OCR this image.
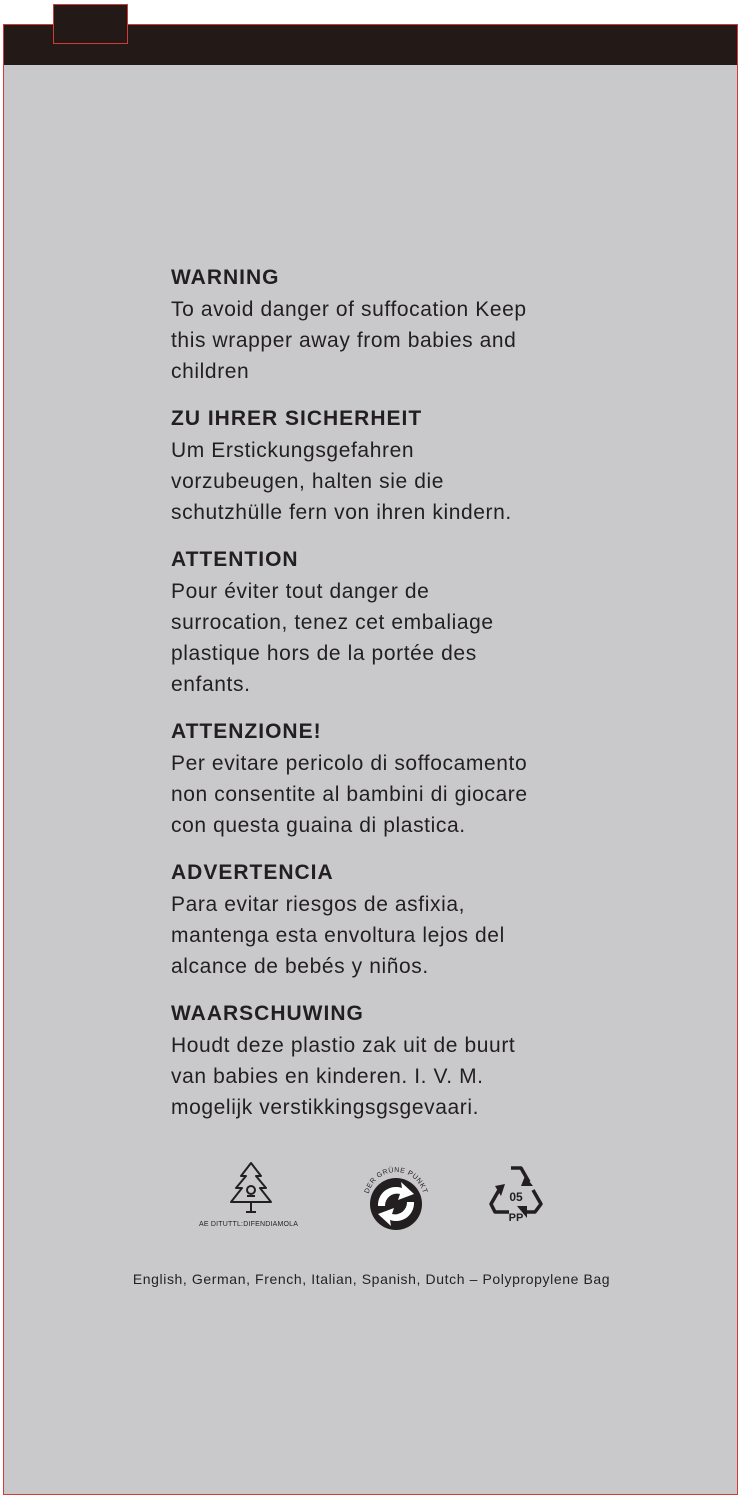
WARNING
To avoid danger of suffocation Keep
this wrapper away from babies and
children
ZU IHRER SICHERHEIT
Um Erstickungsgefahren
vorzubeugen, halten sie die
schutzhülle fern von ihren kindern.
ATTENTION
Pour éviter tout danger de
surrocation, tenez cet embaliage
plastique hors de la portée des
enfants.
ATTENZIONE!
Per evitare pericolo di soffocamento
non consentite al bambini di giocare
con questa guaina di plastica.
ADVERTENCIA
Para evitar riesgos de asfixia,
mantenga esta envoltura lejos del
alcance de bebés y niños.
WAARSCHUWING
Houdt deze plastio zak uit de buurt
van babies en kinderen. I. V. M.
mogelijk verstikkingsgsgevaari.
AE DITUTTL:DIFENDIAMOLA
DER GRÜNE PUNKT	05
PP
English, German, French, Italian, Spanish, Dutch – Polypropylene Bag
